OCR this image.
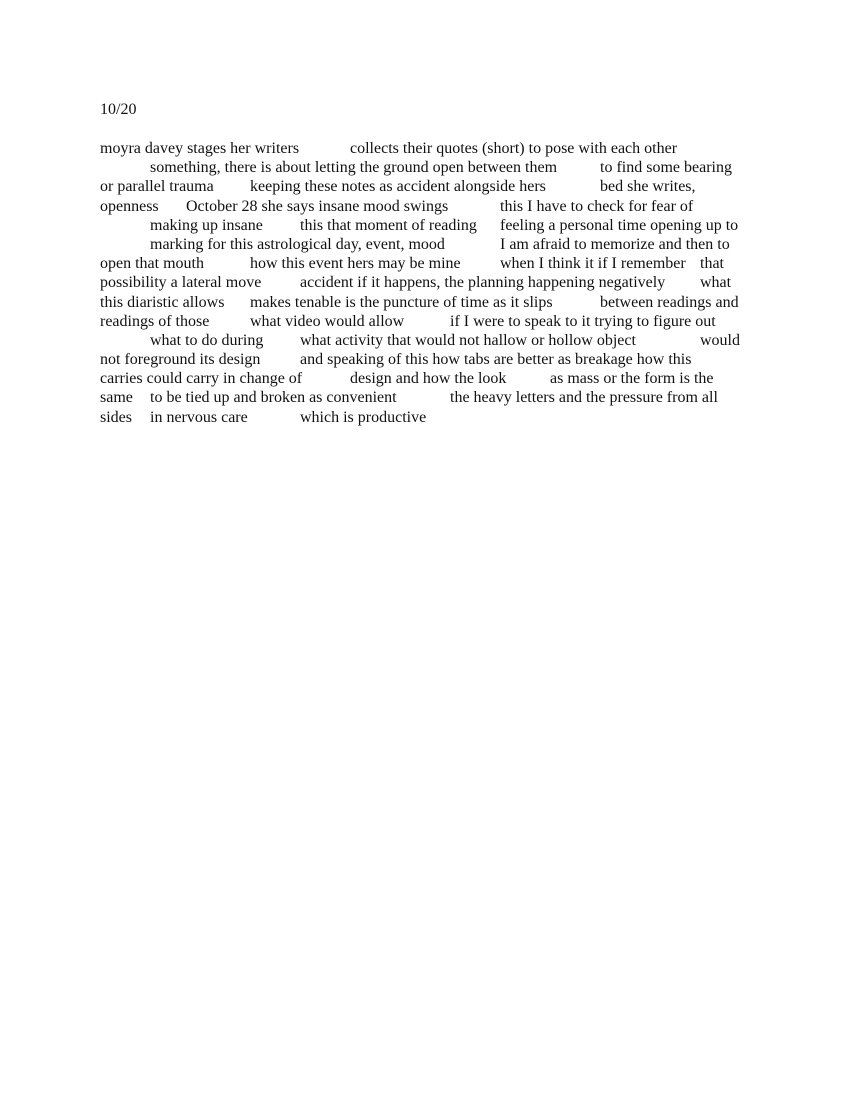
10/20

moyra davey stages her writers

	collects their quotes (short) to pose with each other

something, there is about letting the ground open between them

	to find some bearing

or parallel trauma

keeping these notes as accident alongside hers

	bed she writes,

openness

October 28 she says insane mood swings

	this I have to check for fear of

making up insane

this that moment of reading

feeling a personal time opening up to

marking for this astrological day, event, mood

	I am afraid to memorize and then to

open that mouth

	how this event hers may be mine

when I think it if I remember

that

possibility a lateral move

accident if it happens, the planning happening negatively

what

this diaristic allows

makes tenable is the puncture of time as it slips

	between readings and

readings of those

	what video would allow

	if I were to speak to it trying to figure out

what to do during

what activity that would not hallow or hollow object

	would

not foreground its design

and speaking of this how tabs are better as breakage how this

carries could carry in change of

	design and how the look

	as mass or the form is the

same

to be tied up and broken as convenient

	the heavy letters and the pressure from all

sides

in nervous care

	which is productive
